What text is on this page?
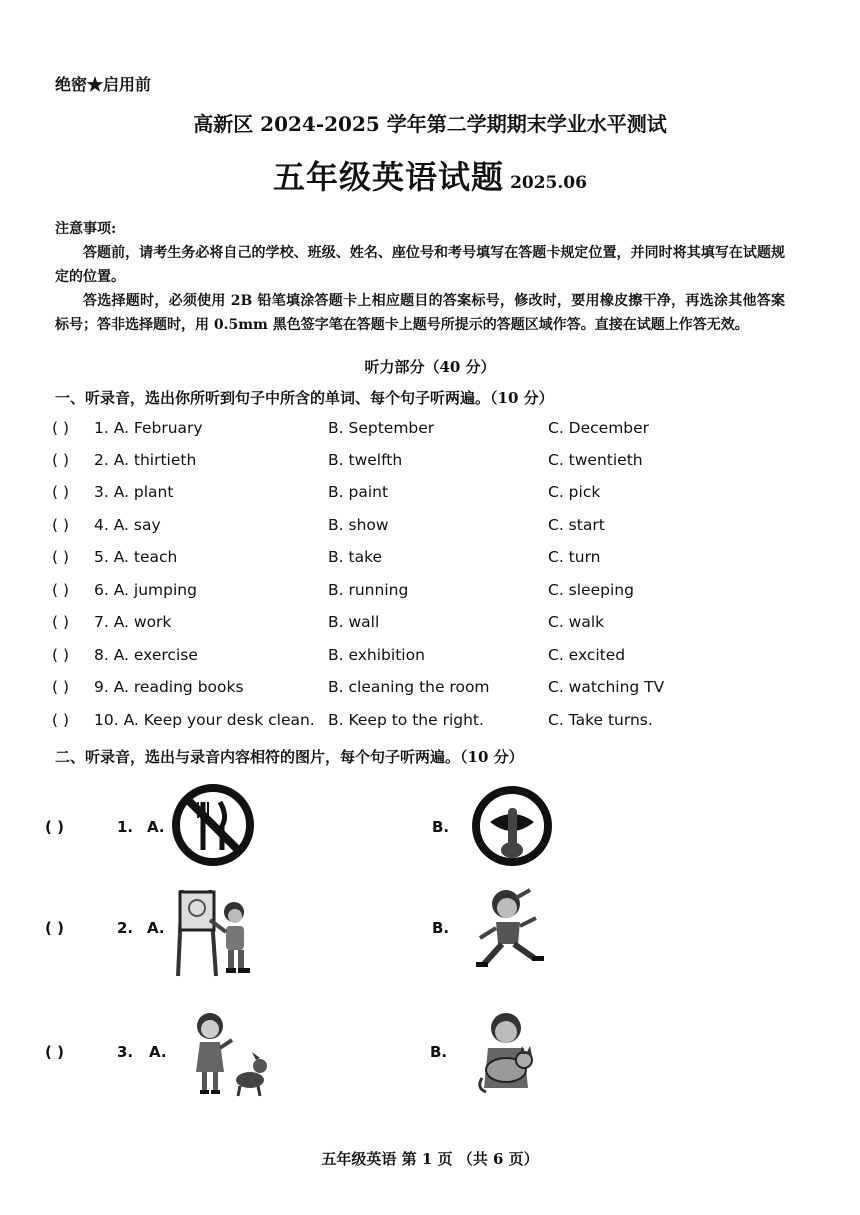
绝密★启用前
高新区 2024-2025 学年第二学期期末学业水平测试
五年级英语试题 2025.06
注意事项:
答题前，请考生务必将自己的学校、班级、姓名、座位号和考号填写在答题卡规定位置，并同时将其填写在试题规定的位置。
答选择题时，必须使用 2B 铅笔填涂答题卡上相应题目的答案标号，修改时，要用橡皮擦干净，再选涂其他答案标号；答非选择题时，用 0.5mm 黑色签字笔在答题卡上题号所提示的答题区域作答。直接在试题上作答无效。
听力部分（40 分）
一、听录音，选出你所听到句子中所含的单词、每个句子听两遍。（10 分）
( ) 1. A. February	B. September	C. December
( ) 2. A. thirtieth	B. twelfth	C. twentieth
( ) 3. A. plant	B. paint	C. pick
( ) 4. A. say	B. show	C. start
( ) 5. A. teach	B. take	C. turn
( ) 6. A. jumping	B. running	C. sleeping
( ) 7. A. work	B. wall	C. walk
( ) 8. A. exercise	B. exhibition	C. excited
( ) 9. A. reading books	B. cleaning the room	C. watching TV
( ) 10. A. Keep your desk clean. B. Keep to the right.	C. Take turns.
二、听录音，选出与录音内容相符的图片，每个句子听两遍。（10 分）
( )	1. A.	B.
( )	2. A.	B.
( )	3. A.	B.
五年级英语 第 1 页 （共 6 页）
